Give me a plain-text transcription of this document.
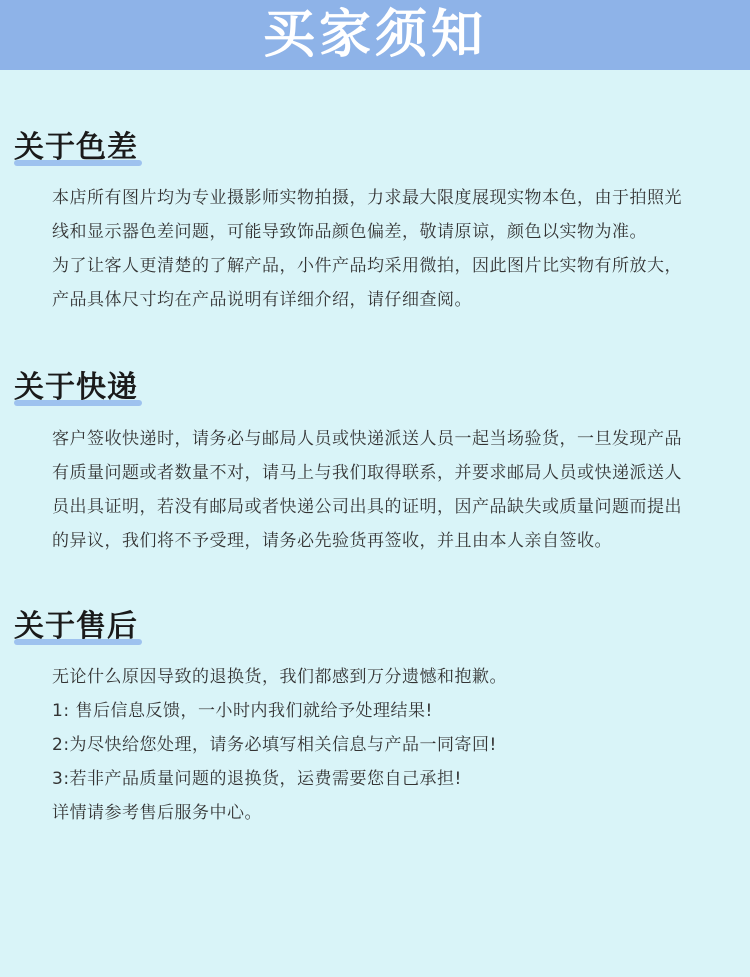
买家须知
关于色差

本店所有图片均为专业摄影师实物拍摄，力求最大限度展现实物本色，由于拍照光线和显示器色差问题，可能导致饰品颜色偏差，敬请原谅，颜色以实物为准。

为了让客人更清楚的了解产品，小件产品均采用微拍，因此图片比实物有所放大，产品具体尺寸均在产品说明有详细介绍，请仔细查阅。

关于快递

客户签收快递时，请务必与邮局人员或快递派送人员一起当场验货，一旦发现产品有质量问题或者数量不对，请马上与我们取得联系，并要求邮局人员或快递派送人员出具证明，若没有邮局或者快递公司出具的证明，因产品缺失或质量问题而提出的异议，我们将不予受理，请务必先验货再签收，并且由本人亲自签收。

关于售后

无论什么原因导致的退换货，我们都感到万分遗憾和抱歉。

1: 售后信息反馈，一小时内我们就给予处理结果!

2:为尽快给您处理，请务必填写相关信息与产品一同寄回!

3:若非产品质量问题的退换货，运费需要您自己承担!

详情请参考售后服务中心。
